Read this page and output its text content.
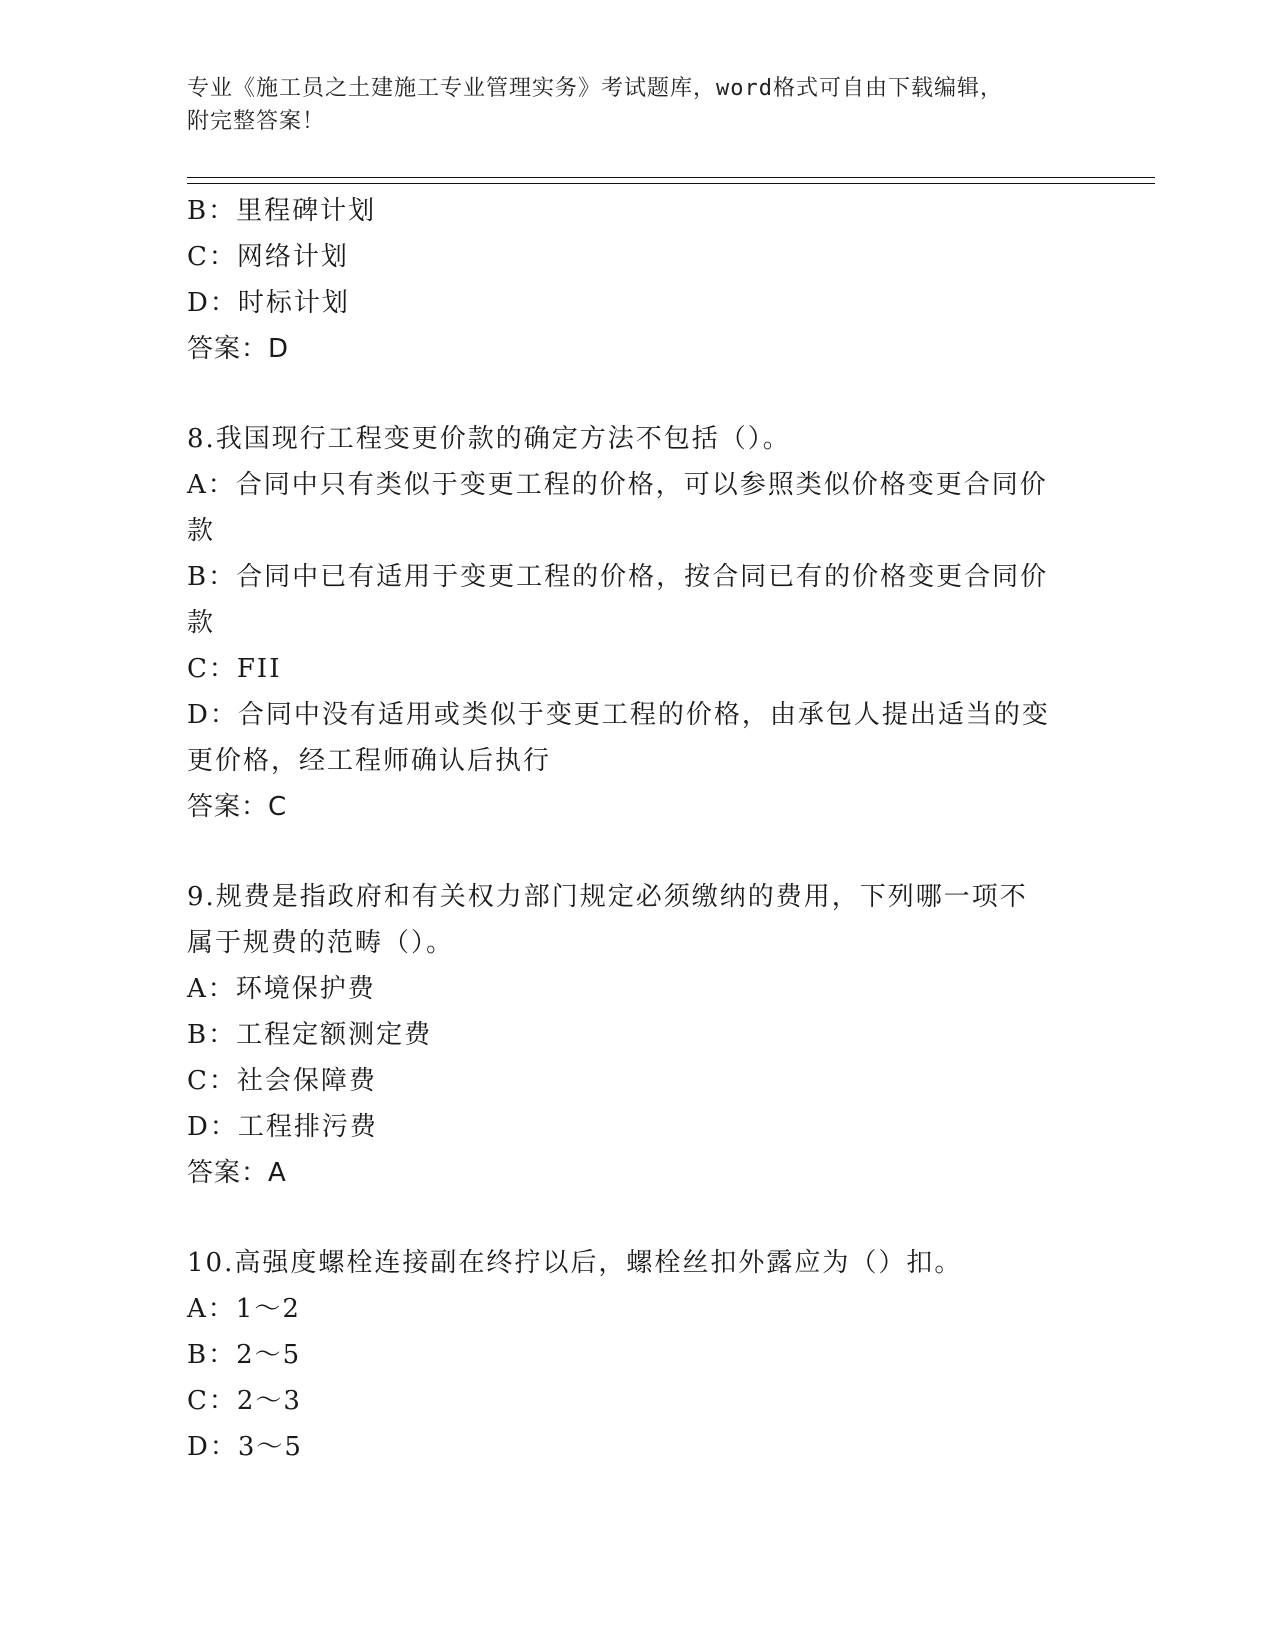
专业《施工员之土建施工专业管理实务》考试题库，word格式可自由下载编辑，
附完整答案！
B：里程碑计划
C：网络计划
D：时标计划
答案：D
8.我国现行工程变更价款的确定方法不包括（）。
A：合同中只有类似于变更工程的价格，可以参照类似价格变更合同价
款
B：合同中已有适用于变更工程的价格，按合同已有的价格变更合同价
款
C：FII
D：合同中没有适用或类似于变更工程的价格，由承包人提出适当的变
更价格，经工程师确认后执行
答案：C
9.规费是指政府和有关权力部门规定必须缴纳的费用，下列哪一项不
属于规费的范畴（）。
A：环境保护费
B：工程定额测定费
C：社会保障费
D：工程排污费
答案：A
10.高强度螺栓连接副在终拧以后，螺栓丝扣外露应为（）扣。
A：1～2
B：2～5
C：2～3
D：3～5
